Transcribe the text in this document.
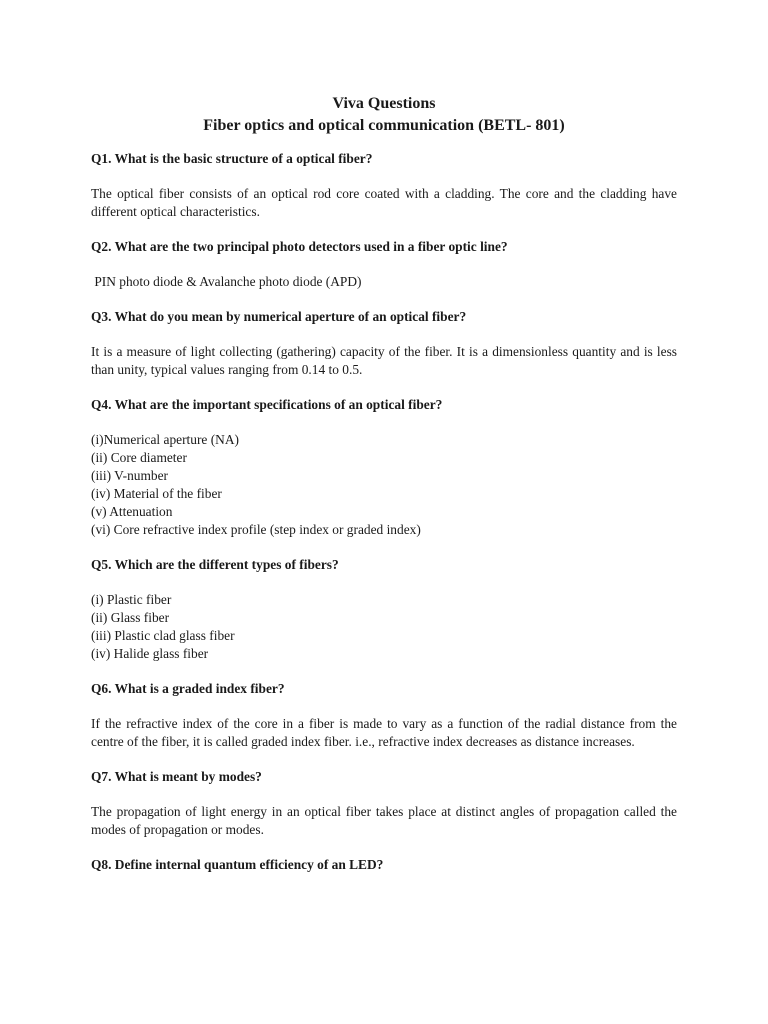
Viva Questions

Fiber optics and optical communication (BETL- 801)

Q1. What is the basic structure of a optical fiber?

The optical fiber consists of an optical rod core coated with a cladding. The core and the cladding have different optical characteristics.

Q2. What are the two principal photo detectors used in a fiber optic line?

PIN photo diode & Avalanche photo diode (APD)

Q3. What do you mean by numerical aperture of an optical fiber?

It is a measure of light collecting (gathering) capacity of the fiber. It is a dimensionless quantity and is less than unity, typical values ranging from 0.14 to 0.5.

Q4. What are the important specifications of an optical fiber?

(i)Numerical aperture (NA)
(ii) Core diameter
(iii) V-number
(iv) Material of the fiber
(v) Attenuation
(vi) Core refractive index profile (step index or graded index)

Q5. Which are the different types of fibers?

(i) Plastic fiber
(ii) Glass fiber
(iii) Plastic clad glass fiber
(iv) Halide glass fiber

Q6. What is a graded index fiber?

If the refractive index of the core in a fiber is made to vary as a function of the radial distance from the centre of the fiber, it is called graded index fiber. i.e., refractive index decreases as distance increases.

Q7. What is meant by modes?

The propagation of light energy in an optical fiber takes place at distinct angles of propagation called the modes of propagation or modes.

Q8. Define internal quantum efficiency of an LED?
